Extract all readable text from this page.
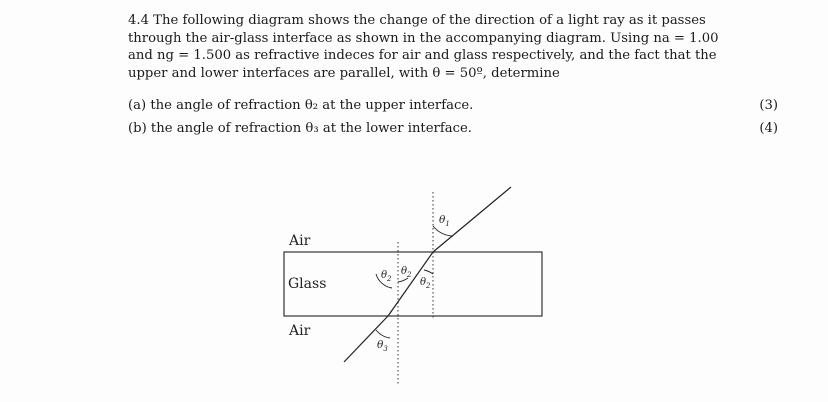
4.4 The following diagram shows the change of the direction of a light ray as it passes through the air-glass interface as shown in the accompanying diagram. Using na = 1.00 and ng = 1.500 as refractive indeces for air and glass respectively, and the fact that the upper and lower interfaces are parallel, with θ = 50º, determine

(a) the angle of refraction θ₂ at the upper interface.	(3)
(b) the angle of refraction θ₃ at the lower interface.	(4)
Air
Glass
Air
$\theta_1$
$\theta_2$
$\theta_2$
$\theta_2$
$\theta_3$
